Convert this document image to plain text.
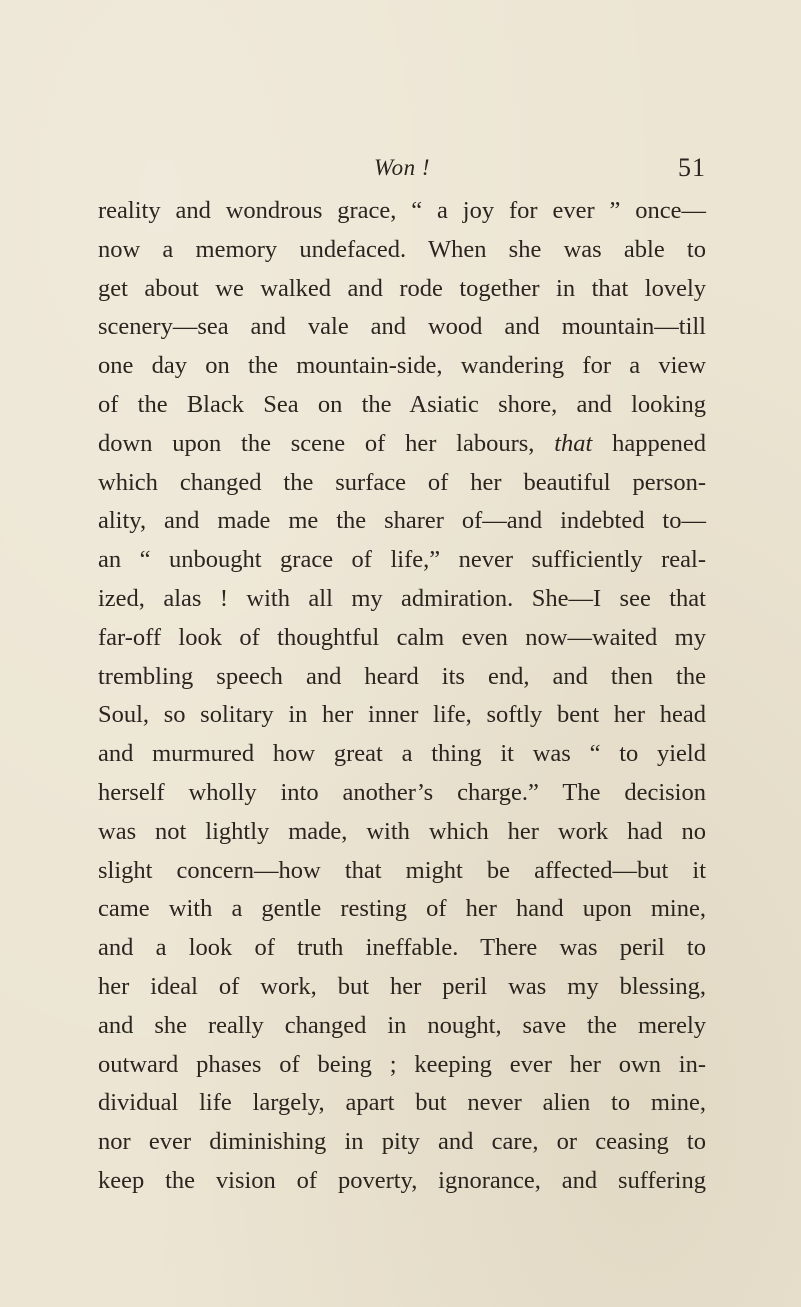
Won !	51
reality and wondrous grace, “ a joy for ever ” once—
now a memory undefaced. When she was able to
get about we walked and rode together in that lovely
scenery—sea and vale and wood and mountain—till
one day on the mountain-side, wandering for a view
of the Black Sea on the Asiatic shore, and looking
down upon the scene of her labours, that happened
which changed the surface of her beautiful person-
ality, and made me the sharer of—and indebted to—
an “ unbought grace of life,” never sufficiently real-
ized, alas ! with all my admiration. She—I see that
far-off look of thoughtful calm even now—waited my
trembling speech and heard its end, and then the
Soul, so solitary in her inner life, softly bent her head
and murmured how great a thing it was “ to yield
herself wholly into another’s charge.” The decision
was not lightly made, with which her work had no
slight concern—how that might be affected—but it
came with a gentle resting of her hand upon mine,
and a look of truth ineffable. There was peril to
her ideal of work, but her peril was my blessing,
and she really changed in nought, save the merely
outward phases of being ; keeping ever her own in-
dividual life largely, apart but never alien to mine,
nor ever diminishing in pity and care, or ceasing to
keep the vision of poverty, ignorance, and suffering
